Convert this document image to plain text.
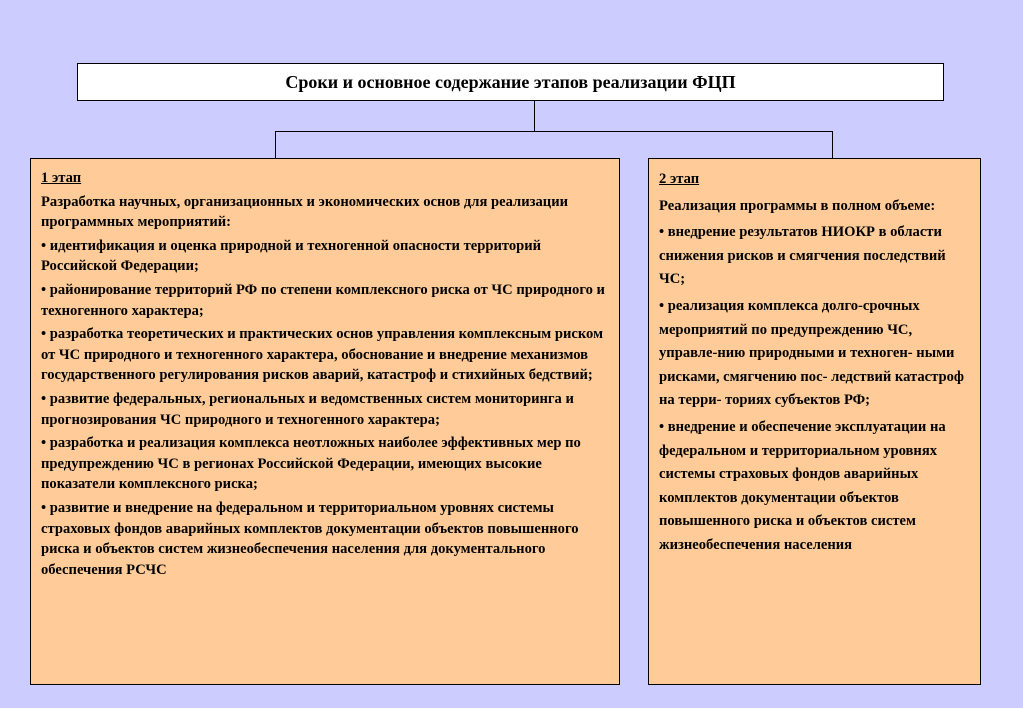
Сроки и основное содержание этапов реализации ФЦП
1 этап
Разработка научных, организационных и экономических основ для реализации программных мероприятий:
• идентификация и оценка природной и техногенной опасности территорий Российской Федерации;
• районирование территорий РФ по степени комплексного риска от ЧС природного и техногенного характера;
• разработка теоретических и практических основ управления комплексным риском от ЧС природного и техногенного характера, обоснование и внедрение механизмов государственного регулирования рисков аварий, катастроф и стихийных бедствий;
• развитие федеральных, региональных и ведомственных систем мониторинга и прогнозирования ЧС природного и техногенного характера;
• разработка и реализация комплекса неотложных наиболее эффективных мер по предупреждению ЧС в регионах Российской Федерации, имеющих высокие показатели комплексного риска;
• развитие и внедрение на федеральном и территориальном уровнях системы страховых фондов аварийных комплектов документации объектов повышенного риска и объектов систем жизнеобеспечения населения для документального обеспечения РСЧС
2 этап
Реализация программы в полном объеме:
• внедрение результатов НИОКР в области снижения рисков и смягчения последствий ЧС;
• реализация комплекса долго-срочных мероприятий по предупреждению ЧС, управле-нию природными и техноген- ными рисками, смягчению пос- ледствий катастроф на терри- ториях субъектов РФ;
• внедрение и обеспечение эксплуатации на федеральном и территориальном уровнях системы страховых фондов аварийных комплектов документации объектов повышенного риска и объектов систем жизнеобеспечения населения
